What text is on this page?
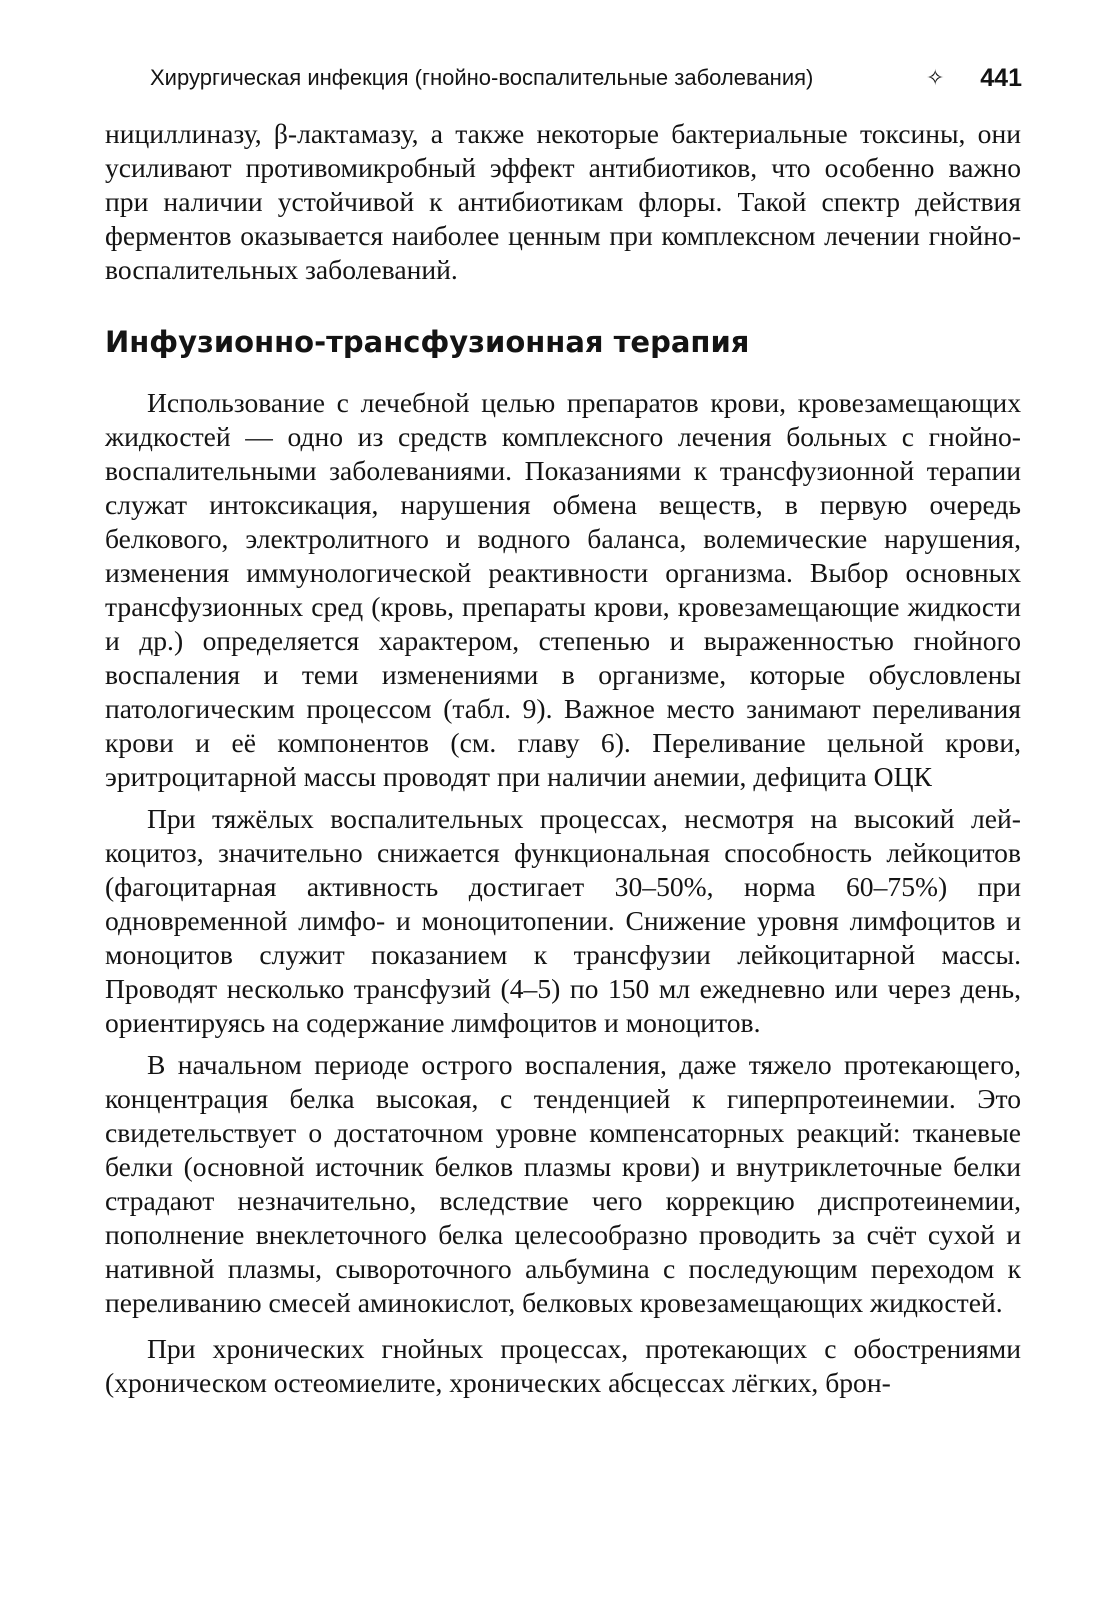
Хирургическая инфекция (гнойно-воспалительные заболевания)	✧ 441

нициллиназу, β-лактамазу, а также некоторые бактериальные токсины, они усиливают противомикробный эффект антибиотиков, что особенно важно при наличии устойчивой к антибиотикам флоры. Такой спектр действия ферментов оказывается наиболее ценным при комплексном лечении гнойно-воспалительных заболеваний.

Инфузионно-трансфузионная терапия

Использование с лечебной целью препаратов крови, кровезамещающих жидкостей — одно из средств комплексного лечения больных с гнойно-воспалительными заболеваниями. Показаниями к трансфузионной терапии служат интоксикация, нарушения обмена веществ, в первую очередь белкового, электролитного и водного баланса, волемические нарушения, изменения иммунологической реактивности организма. Выбор основных трансфузионных сред (кровь, препараты крови, кровезамещающие жидкости и др.) определяется характером, степенью и выраженностью гнойного воспаления и теми изменениями в организме, которые обусловлены патологическим процессом (табл. 9). Важное место занимают переливания крови и её компонентов (см. главу 6). Переливание цельной крови, эритроцитарной массы проводят при наличии анемии, дефицита ОЦК

При тяжёлых воспалительных процессах, несмотря на высокий лейкоцитоз, значительно снижается функциональная способность лейкоцитов (фагоцитарная активность достигает 30–50%, норма 60–75%) при одновременной лимфо- и моноцитопении. Снижение уровня лимфоцитов и моноцитов служит показанием к трансфузии лейкоцитарной массы. Проводят несколько трансфузий (4–5) по 150 мл ежедневно или через день, ориентируясь на содержание лимфоцитов и моноцитов.

В начальном периоде острого воспаления, даже тяжело протекающего, концентрация белка высокая, с тенденцией к гиперпротеинемии. Это свидетельствует о достаточном уровне компенсаторных реакций: тканевые белки (основной источник белков плазмы крови) и внутриклеточные белки страдают незначительно, вследствие чего коррекцию диспротеинемии, пополнение внеклеточного белка целесообразно проводить за счёт сухой и нативной плазмы, сывороточного альбумина с последующим переходом к переливанию смесей аминокислот, белковых кровезамещающих жидкостей.

При хронических гнойных процессах, протекающих с обострениями (хроническом остеомиелите, хронических абсцессах лёгких, брон-
